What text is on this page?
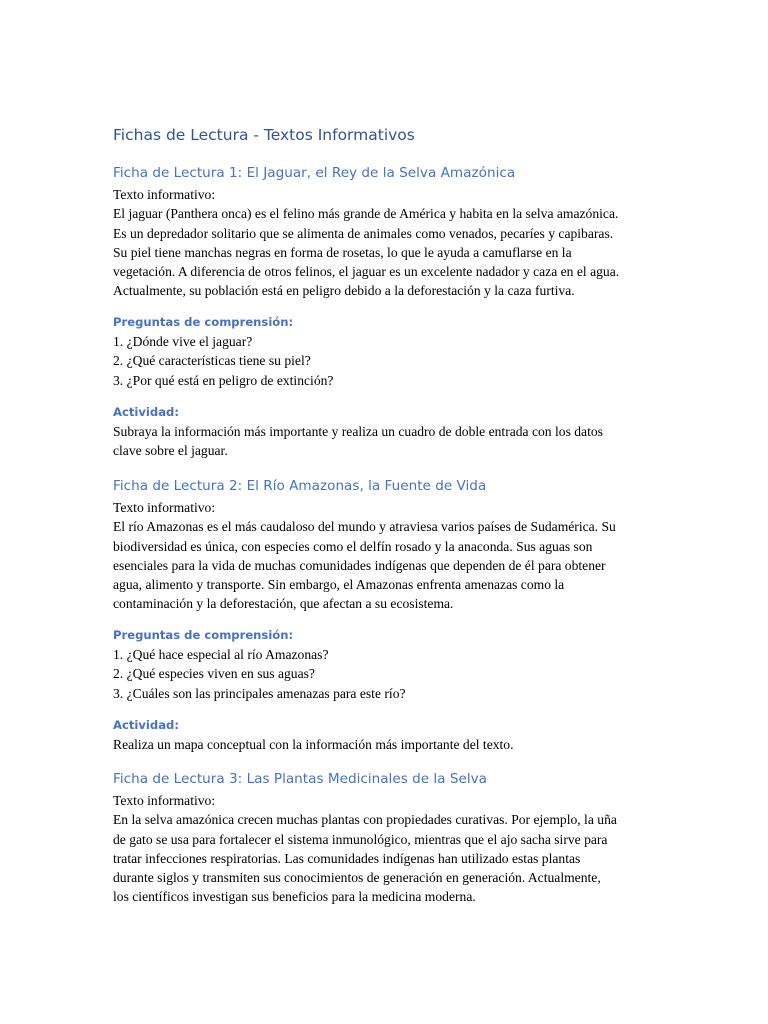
Fichas de Lectura - Textos Informativos
Ficha de Lectura 1: El Jaguar, el Rey de la Selva Amazónica

Texto informativo:

El jaguar (Panthera onca) es el felino más grande de América y habita en la selva amazónica.

Es un depredador solitario que se alimenta de animales como venados, pecaríes y capibaras.

Su piel tiene manchas negras en forma de rosetas, lo que le ayuda a camuflarse en la

vegetación. A diferencia de otros felinos, el jaguar es un excelente nadador y caza en el agua.

Actualmente, su población está en peligro debido a la deforestación y la caza furtiva.

Preguntas de comprensión:

1. ¿Dónde vive el jaguar?

2. ¿Qué características tiene su piel?

3. ¿Por qué está en peligro de extinción?

Actividad:

Subraya la información más importante y realiza un cuadro de doble entrada con los datos

clave sobre el jaguar.

Ficha de Lectura 2: El Río Amazonas, la Fuente de Vida

Texto informativo:

El río Amazonas es el más caudaloso del mundo y atraviesa varios países de Sudamérica. Su

biodiversidad es única, con especies como el delfín rosado y la anaconda. Sus aguas son

esenciales para la vida de muchas comunidades indígenas que dependen de él para obtener

agua, alimento y transporte. Sin embargo, el Amazonas enfrenta amenazas como la

contaminación y la deforestación, que afectan a su ecosistema.

Preguntas de comprensión:

1. ¿Qué hace especial al río Amazonas?

2. ¿Qué especies viven en sus aguas?

3. ¿Cuáles son las principales amenazas para este río?

Actividad:

Realiza un mapa conceptual con la información más importante del texto.

Ficha de Lectura 3: Las Plantas Medicinales de la Selva

Texto informativo:

En la selva amazónica crecen muchas plantas con propiedades curativas. Por ejemplo, la uña

de gato se usa para fortalecer el sistema inmunológico, mientras que el ajo sacha sirve para

tratar infecciones respiratorias. Las comunidades indígenas han utilizado estas plantas

durante siglos y transmiten sus conocimientos de generación en generación. Actualmente,

los científicos investigan sus beneficios para la medicina moderna.
